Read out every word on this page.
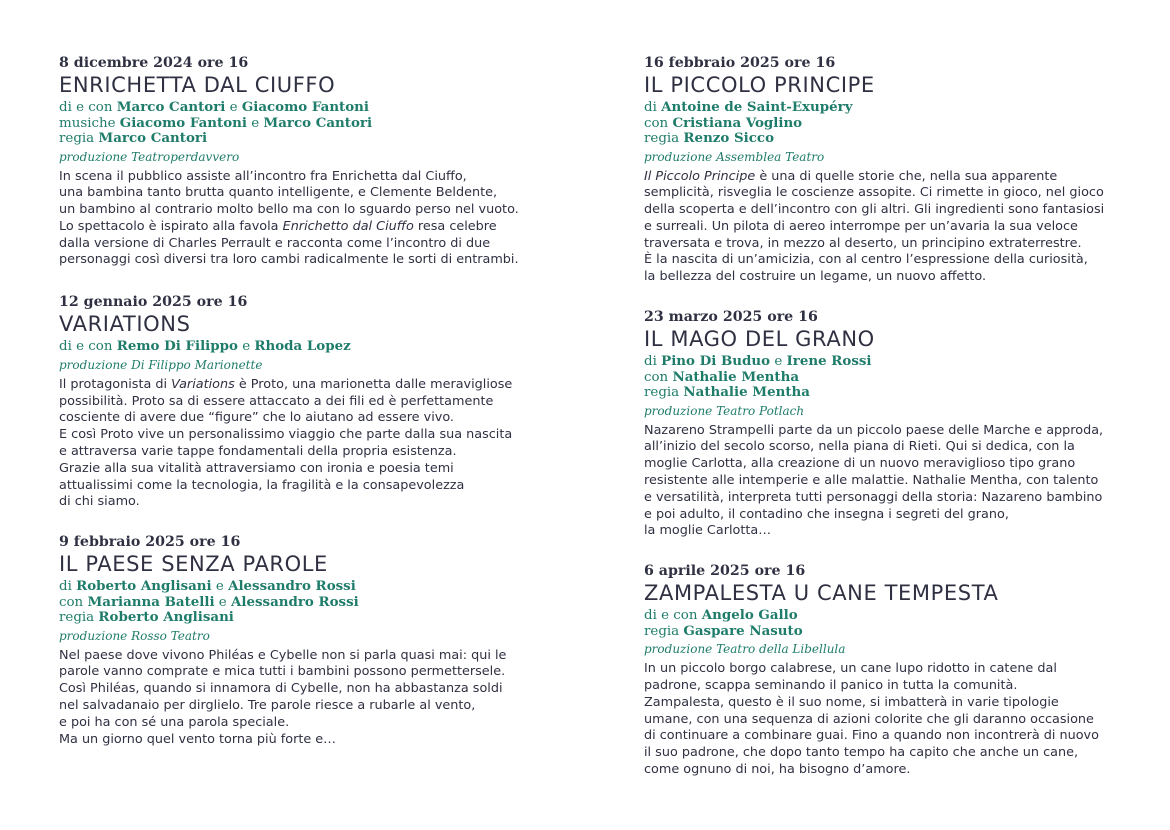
8 dicembre 2024 ore 16
ENRICHETTA DAL CIUFFO
di e con Marco Cantori e Giacomo Fantoni
musiche Giacomo Fantoni e Marco Cantori
regia Marco Cantori
produzione Teatroperdavvero

In scena il pubblico assiste all’incontro fra Enrichetta dal Ciuffo,

una bambina tanto brutta quanto intelligente, e Clemente Beldente,

un bambino al contrario molto bello ma con lo sguardo perso nel vuoto.

Lo spettacolo è ispirato alla favola Enrichetto dal Ciuffo resa celebre

dalla versione di Charles Perrault e racconta come l’incontro di due

personaggi così diversi tra loro cambi radicalmente le sorti di entrambi.

12 gennaio 2025 ore 16
VARIATIONS
di e con Remo Di Filippo e Rhoda Lopez
produzione Di Filippo Marionette

Il protagonista di Variations è Proto, una marionetta dalle meravigliose

possibilità. Proto sa di essere attaccato a dei fili ed è perfettamente

cosciente di avere due “figure” che lo aiutano ad essere vivo.

E così Proto vive un personalissimo viaggio che parte dalla sua nascita

e attraversa varie tappe fondamentali della propria esistenza.

Grazie alla sua vitalità attraversiamo con ironia e poesia temi

attualissimi come la tecnologia, la fragilità e la consapevolezza

di chi siamo.

9 febbraio 2025 ore 16
IL PAESE SENZA PAROLE
di Roberto Anglisani e Alessandro Rossi
con Marianna Batelli e Alessandro Rossi
regia Roberto Anglisani
produzione Rosso Teatro

Nel paese dove vivono Philéas e Cybelle non si parla quasi mai: qui le

parole vanno comprate e mica tutti i bambini possono permettersele.

Così Philéas, quando si innamora di Cybelle, non ha abbastanza soldi

nel salvadanaio per dirglielo. Tre parole riesce a rubarle al vento,

e poi ha con sé una parola speciale.

Ma un giorno quel vento torna più forte e…

16 febbraio 2025 ore 16
IL PICCOLO PRINCIPE
di Antoine de Saint-Exupéry
con Cristiana Voglino
regia Renzo Sicco
produzione Assemblea Teatro

Il Piccolo Principe è una di quelle storie che, nella sua apparente

semplicità, risveglia le coscienze assopite. Ci rimette in gioco, nel gioco

della scoperta e dell’incontro con gli altri. Gli ingredienti sono fantasiosi

e surreali. Un pilota di aereo interrompe per un’avaria la sua veloce

traversata e trova, in mezzo al deserto, un principino extraterrestre.

È la nascita di un’amicizia, con al centro l’espressione della curiosità,

la bellezza del costruire un legame, un nuovo affetto.

23 marzo 2025 ore 16
IL MAGO DEL GRANO
di Pino Di Buduo e Irene Rossi
con Nathalie Mentha
regia Nathalie Mentha
produzione Teatro Potlach

Nazareno Strampelli parte da un piccolo paese delle Marche e approda,

all’inizio del secolo scorso, nella piana di Rieti. Qui si dedica, con la

moglie Carlotta, alla creazione di un nuovo meraviglioso tipo grano

resistente alle intemperie e alle malattie. Nathalie Mentha, con talento

e versatilità, interpreta tutti personaggi della storia: Nazareno bambino

e poi adulto, il contadino che insegna i segreti del grano,

la moglie Carlotta…

6 aprile 2025 ore 16
ZAMPALESTA U CANE TEMPESTA
di e con Angelo Gallo
regia Gaspare Nasuto
produzione Teatro della Libellula

In un piccolo borgo calabrese, un cane lupo ridotto in catene dal

padrone, scappa seminando il panico in tutta la comunità.

Zampalesta, questo è il suo nome, si imbatterà in varie tipologie

umane, con una sequenza di azioni colorite che gli daranno occasione

di continuare a combinare guai. Fino a quando non incontrerà di nuovo

il suo padrone, che dopo tanto tempo ha capito che anche un cane,

come ognuno di noi, ha bisogno d’amore.
